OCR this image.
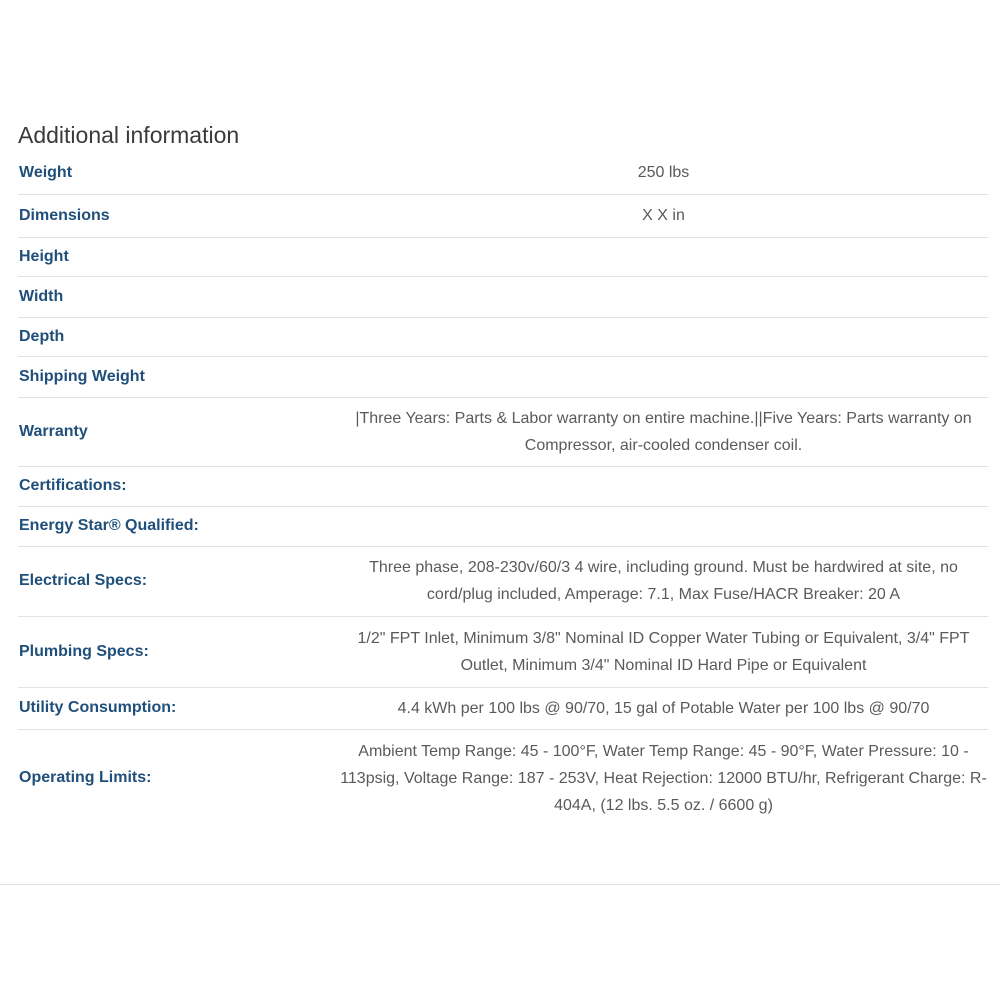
Additional information
Weight	250 lbs
Dimensions	X X in
Height	
Width	
Depth	
Shipping Weight	
Warranty	|Three Years: Parts & Labor warranty on entire machine.||Five Years: Parts warranty on Compressor, air-cooled condenser coil.
Certifications:	
Energy Star® Qualified:	
Electrical Specs:	Three phase, 208-230v/60/3 4 wire, including ground. Must be hardwired at site, no cord/plug included, Amperage: 7.1, Max Fuse/HACR Breaker: 20 A
Plumbing Specs:	1/2" FPT Inlet, Minimum 3/8" Nominal ID Copper Water Tubing or Equivalent, 3/4" FPT Outlet, Minimum 3/4" Nominal ID Hard Pipe or Equivalent
Utility Consumption:	4.4 kWh per 100 lbs @ 90/70, 15 gal of Potable Water per 100 lbs @ 90/70
Operating Limits:	Ambient Temp Range: 45 - 100°F, Water Temp Range: 45 - 90°F, Water Pressure: 10 - 113psig, Voltage Range: 187 - 253V, Heat Rejection: 12000 BTU/hr, Refrigerant Charge: R-404A, (12 lbs. 5.5 oz. / 6600 g)
